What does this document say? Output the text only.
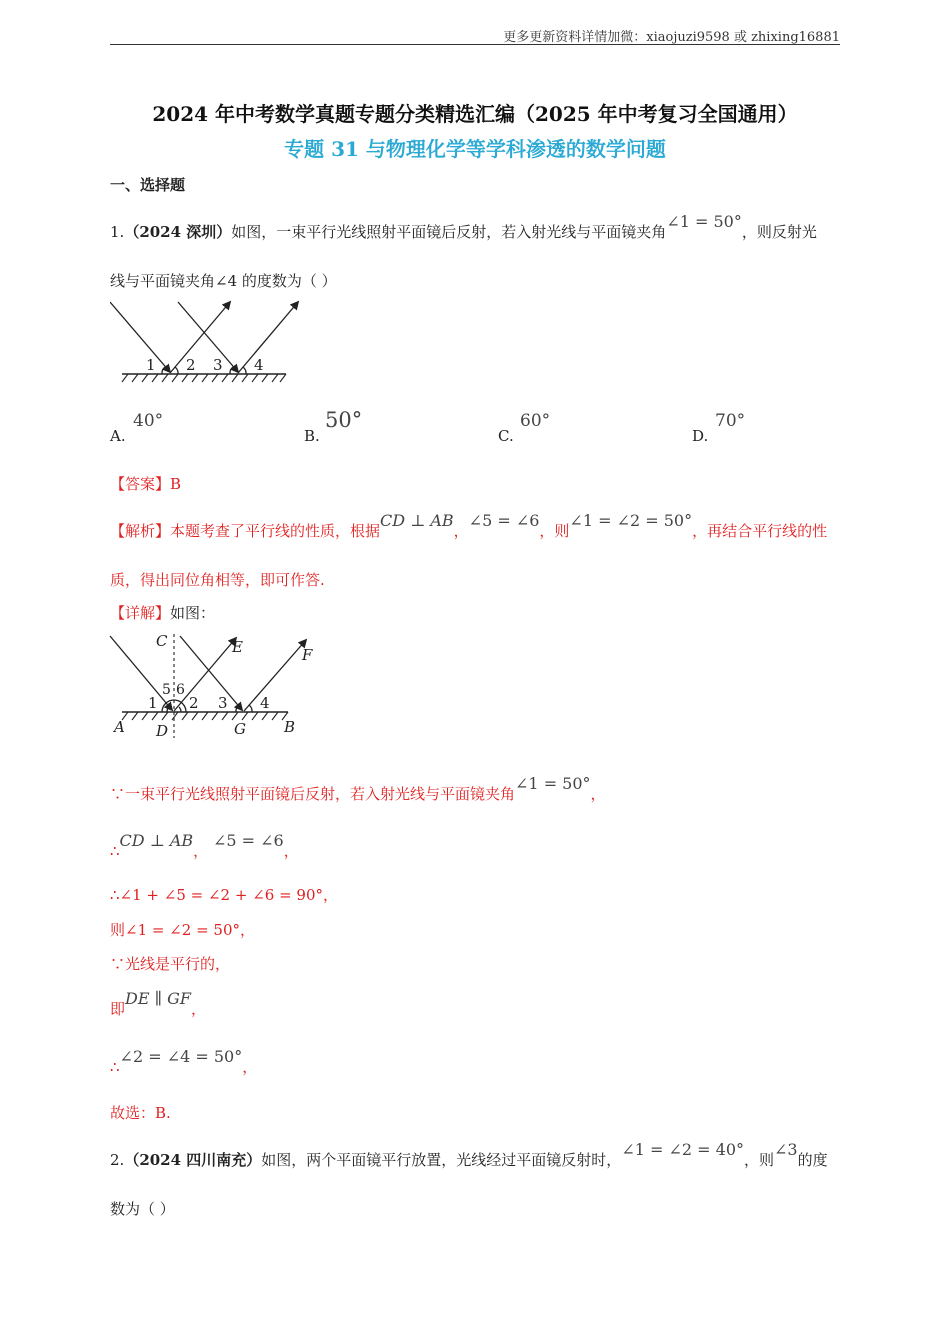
更多更新资料详情加微：xiaojuzi9598 或 zhixing16881
2024 年中考数学真题专题分类精选汇编（2025 年中考复习全国通用）
专题 31 与物理化学等学科渗透的数学问题
一、选择题
1.（2024 深圳）如图，一束平行光线照射平面镜后反射，若入射光线与平面镜夹角∠1 = 50°，则反射光
线与平面镜夹角∠4 的度数为（ ）
1 2 3 4
A.
40°
B.
50°
C.
60°
D.
70°
【答案】B
【解析】本题考查了平行线的性质，根据CD ⊥ AB，∠5 = ∠6，则∠1 = ∠2 = 50°，再结合平行线的性
质，得出同位角相等，即可作答.
【详解】如图：
C	E	F
5 6
1 2 3 4
A D	G	B
∵一束平行光线照射平面镜后反射，若入射光线与平面镜夹角∠1 = 50°，
∴CD ⊥ AB， ∠5 = ∠6，
∴∠1 + ∠5 = ∠2 + ∠6 = 90°，
则∠1 = ∠2 = 50°，
∵光线是平行的，
即DE ∥ GF，
∴∠2 = ∠4 = 50°，
故选：B.
2.（2024 四川南充）如图，两个平面镜平行放置，光线经过平面镜反射时，∠1 = ∠2 = 40°，则∠3的度
数为（ ）
